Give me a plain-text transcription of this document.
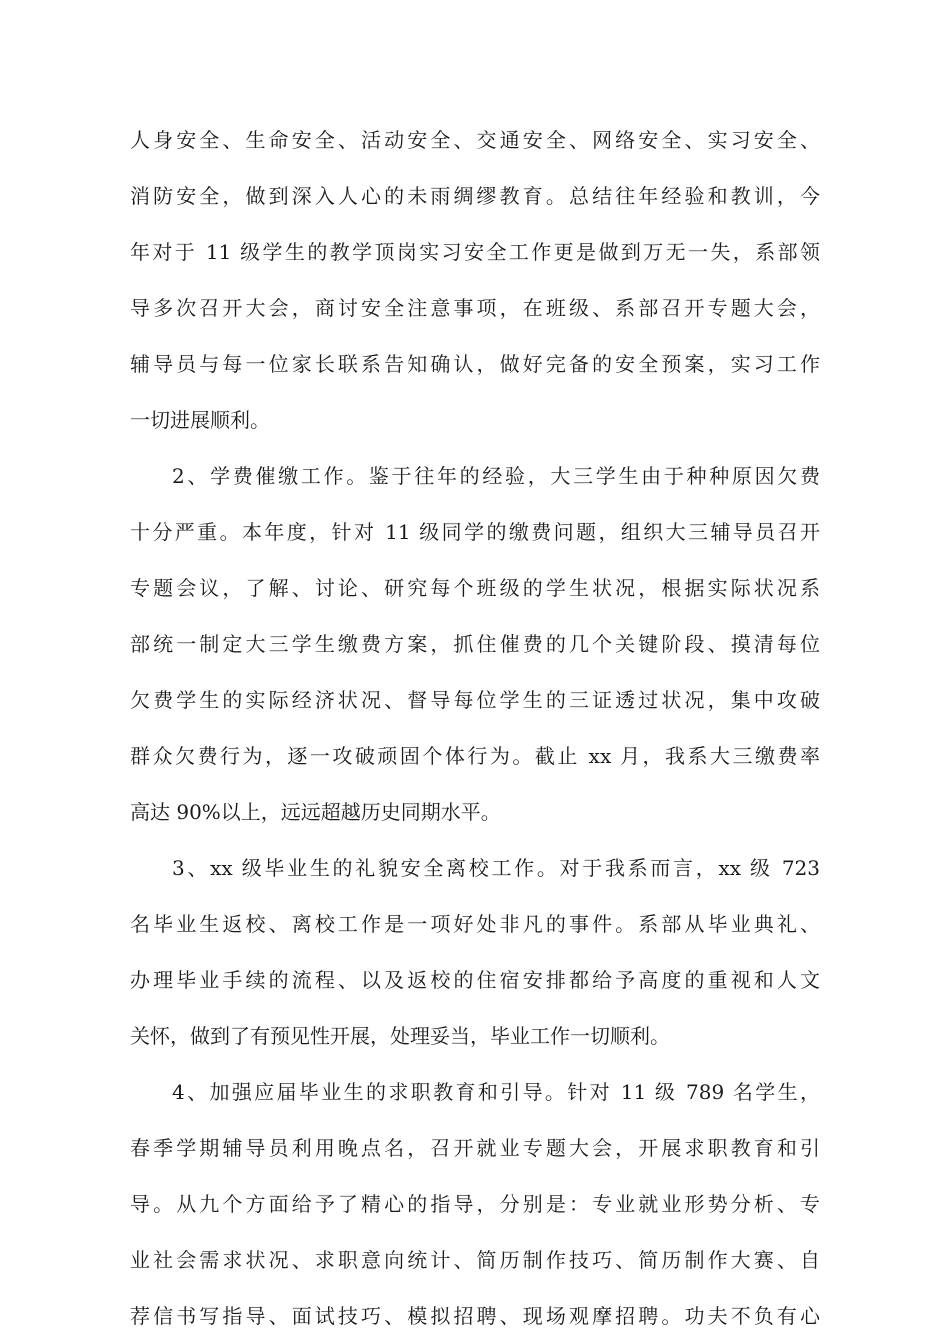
人身安全、生命安全、活动安全、交通安全、网络安全、实习安全、
消防安全，做到深入人心的未雨绸缪教育。总结往年经验和教训，今
年对于 11 级学生的教学顶岗实习安全工作更是做到万无一失，系部领
导多次召开大会，商讨安全注意事项，在班级、系部召开专题大会，
辅导员与每一位家长联系告知确认，做好完备的安全预案，实习工作
一切进展顺利。
2、学费催缴工作。鉴于往年的经验，大三学生由于种种原因欠费
十分严重。本年度，针对 11 级同学的缴费问题，组织大三辅导员召开
专题会议，了解、讨论、研究每个班级的学生状况，根据实际状况系
部统一制定大三学生缴费方案，抓住催费的几个关键阶段、摸清每位
欠费学生的实际经济状况、督导每位学生的三证透过状况，集中攻破
群众欠费行为，逐一攻破顽固个体行为。截止 xx 月，我系大三缴费率
高达 90%以上，远远超越历史同期水平。
3、xx 级毕业生的礼貌安全离校工作。对于我系而言，xx 级 723
名毕业生返校、离校工作是一项好处非凡的事件。系部从毕业典礼、
办理毕业手续的流程、以及返校的住宿安排都给予高度的重视和人文
关怀，做到了有预见性开展，处理妥当，毕业工作一切顺利。
4、加强应届毕业生的求职教育和引导。针对 11 级 789 名学生，
春季学期辅导员利用晚点名，召开就业专题大会，开展求职教育和引
导。从九个方面给予了精心的指导，分别是：专业就业形势分析、专
业社会需求状况、求职意向统计、简历制作技巧、简历制作大赛、自
荐信书写指导、面试技巧、模拟招聘、现场观摩招聘。功夫不负有心
